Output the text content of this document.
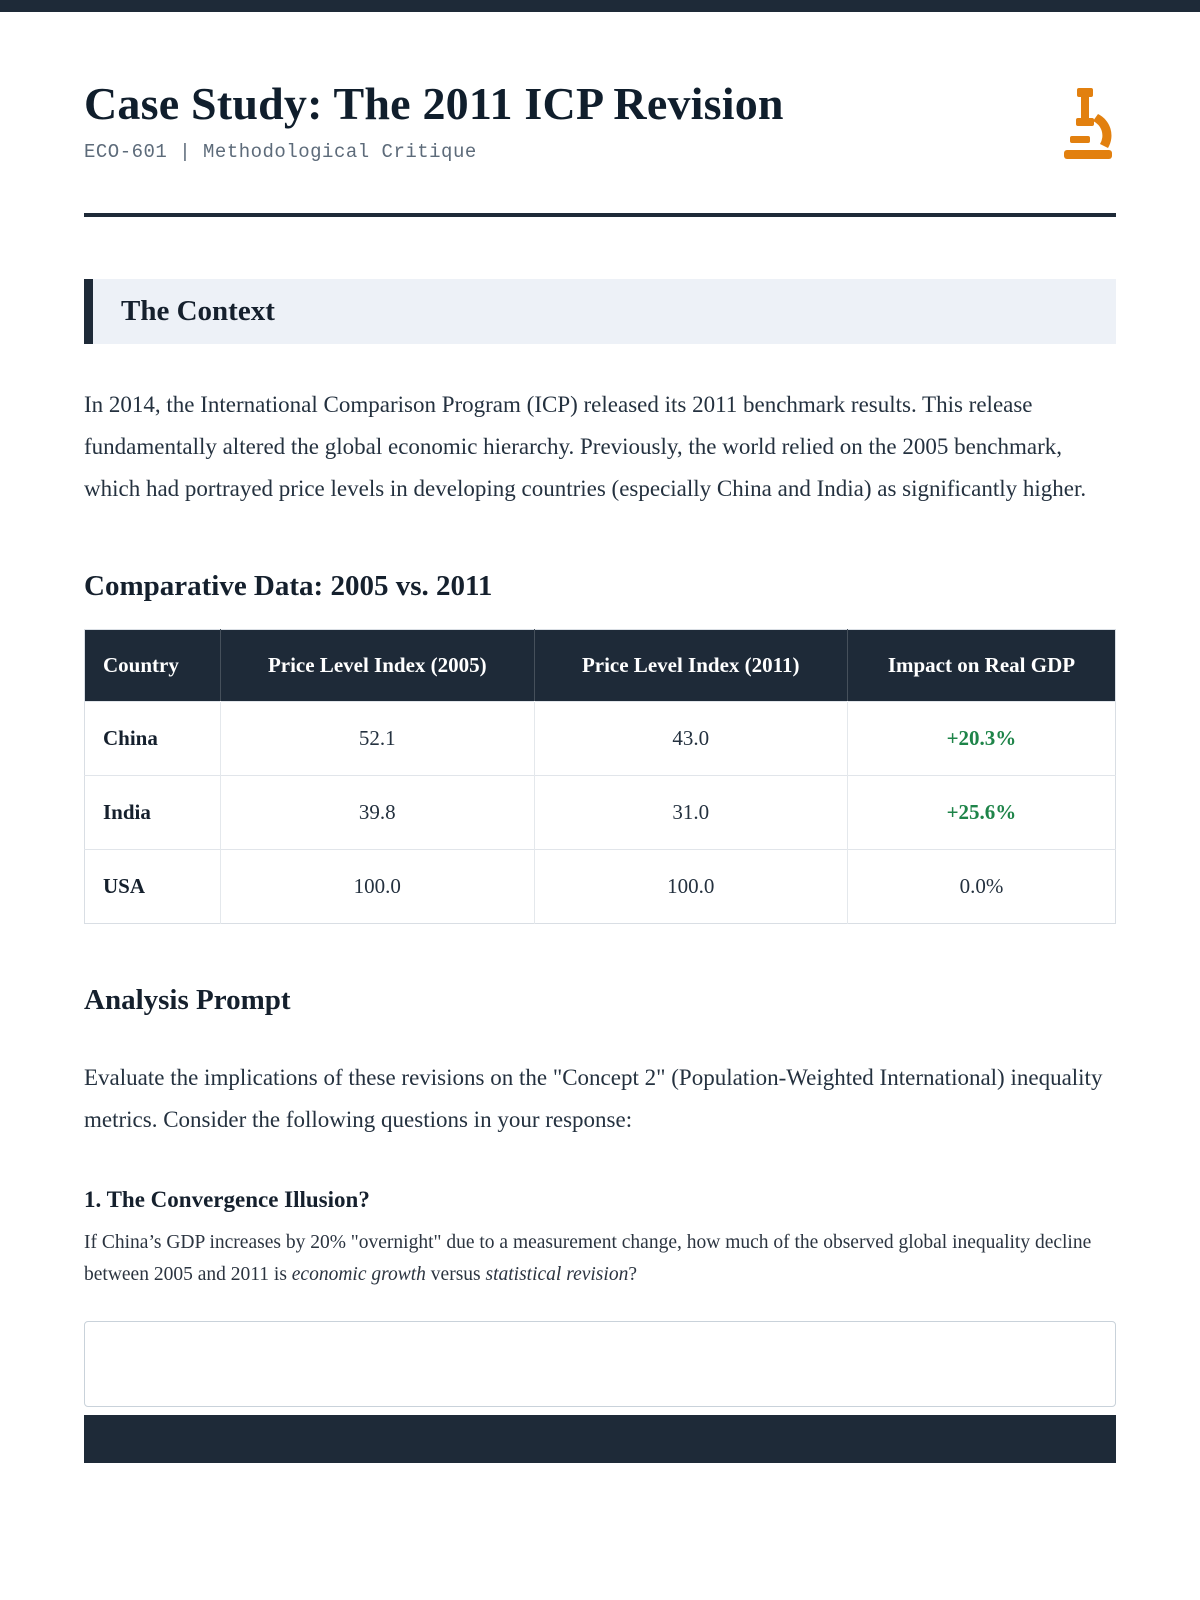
Case Study: The 2011 ICP Revision
ECO-601 | Methodological Critique
The Context

In 2014, the International Comparison Program (ICP) released its 2011 benchmark results. This release fundamentally altered the global economic hierarchy. Previously, the world relied on the 2005 benchmark, which had portrayed price levels in developing countries (especially China and India) as significantly higher.

Comparative Data: 2005 vs. 2011
Country	Price Level Index (2005)	Price Level Index (2011)	Impact on Real GDP
China	52.1	43.0	+20.3%
India	39.8	31.0	+25.6%
USA	100.0	100.0	0.0%
Analysis Prompt

Evaluate the implications of these revisions on the "Concept 2" (Population-Weighted International) inequality metrics. Consider the following questions in your response:

1. The Convergence Illusion?

If China’s GDP increases by 20% "overnight" due to a measurement change, how much of the observed global inequality decline between 2005 and 2011 is economic growth versus statistical revision?
